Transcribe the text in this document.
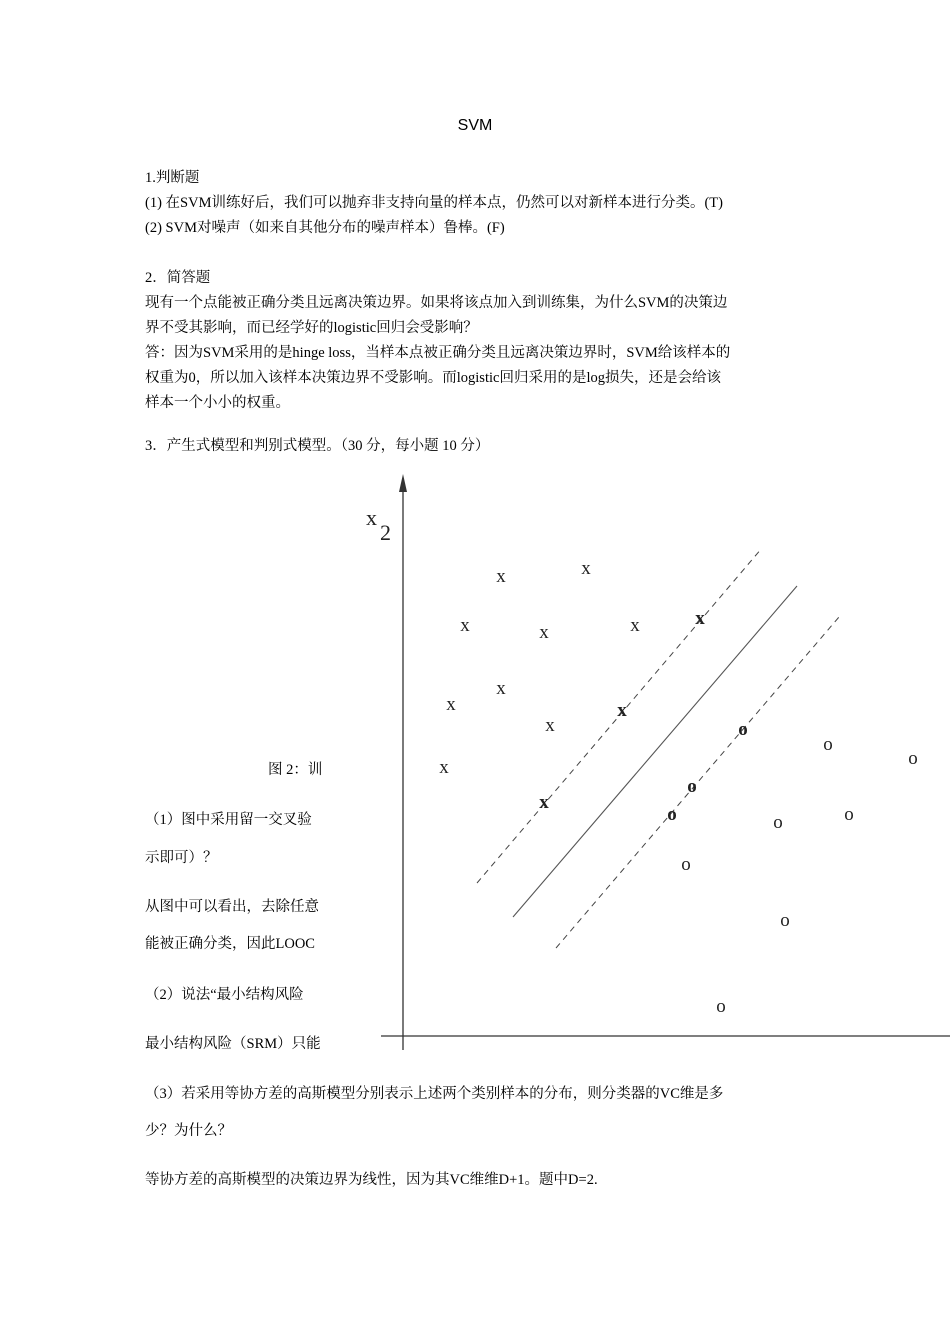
SVM
1.判断题
(1) 在SVM训练好后，我们可以抛弃非支持向量的样本点，仍然可以对新样本进行分类。(T)
(2) SVM对噪声（如来自其他分布的噪声样本）鲁棒。(F)
2．简答题
现有一个点能被正确分类且远离决策边界。如果将该点加入到训练集，为什么SVM的决策边
界不受其影响，而已经学好的logistic回归会受影响？
答：因为SVM采用的是hinge loss，当样本点被正确分类且远离决策边界时，SVM给该样本的
权重为0，所以加入该样本决策边界不受影响。而logistic回归采用的是log损失，还是会给该
样本一个小小的权重。
3．产生式模型和判别式模型。（30 分，每小题 10 分）
图 2：训
（1）图中采用留一交叉验
示即可）？
从图中可以看出，去除任意
能被正确分类，因此LOOC
（2）说法“最小结构风险
最小结构风险（SRM）只能
（3）若采用等协方差的高斯模型分别表示上述两个类别样本的分布，则分类器的VC维是多
少？为什么？
等协方差的高斯模型的决策边界为线性，因为其VC维维D+1。题中D=2.
x
2
x	x
x	x	x	x
x
x
x
x
x
x
o
o
o
o
o	o	o
o
o
o
